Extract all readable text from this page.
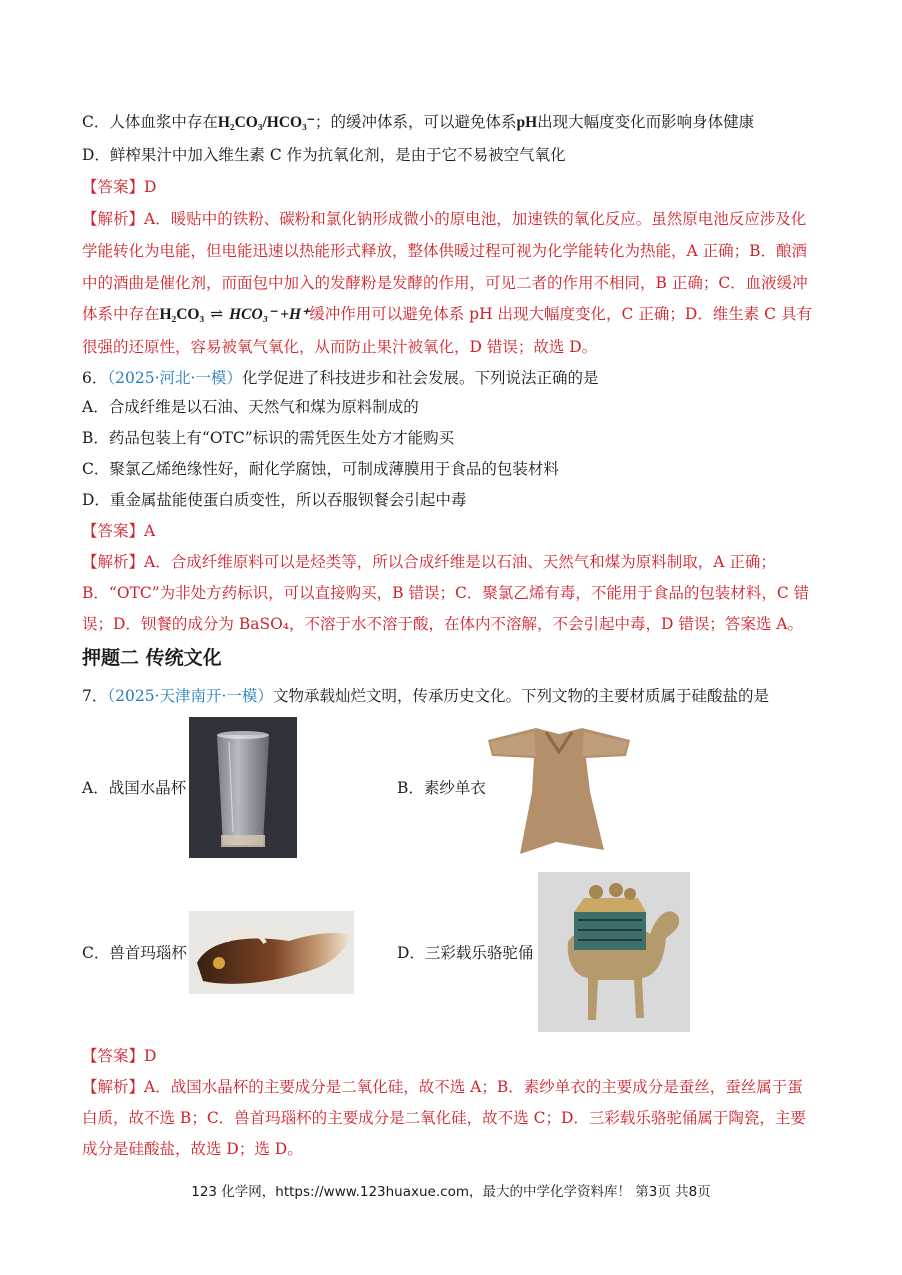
C．人体血浆中存在H₂CO₃/HCO₃⁻；的缓冲体系，可以避免体系pH出现大幅度变化而影响身体健康
D．鲜榨果汁中加入维生素 C 作为抗氧化剂，是由于它不易被空气氧化
【答案】D
【解析】A．暖贴中的铁粉、碳粉和氯化钠形成微小的原电池，加速铁的氧化反应。虽然原电池反应涉及化
学能转化为电能，但电能迅速以热能形式释放，整体供暖过程可视为化学能转化为热能，A 正确；B．酿酒
中的酒曲是催化剂，而面包中加入的发酵粉是发酵的作用，可见二者的作用不相同，B 正确；C．血液缓冲
体系中存在H₂CO₃ ⇌ HCO₃⁻ +H⁺缓冲作用可以避免体系 pH 出现大幅度变化，C 正确；D．维生素 C 具有
很强的还原性，容易被氧气氧化，从而防止果汁被氧化，D 错误；故选 D。
6．（2025·河北·一模）化学促进了科技进步和社会发展。下列说法正确的是
A．合成纤维是以石油、天然气和煤为原料制成的
B．药品包装上有“OTC”标识的需凭医生处方才能购买
C．聚氯乙烯绝缘性好，耐化学腐蚀，可制成薄膜用于食品的包装材料
D．重金属盐能使蛋白质变性，所以吞服钡餐会引起中毒
【答案】A
【解析】A．合成纤维原料可以是烃类等，所以合成纤维是以石油、天然气和煤为原料制取，A 正确；
B．“OTC”为非处方药标识，可以直接购买，B 错误；C．聚氯乙烯有毒，不能用于食品的包装材料，C 错
误；D．钡餐的成分为 BaSO₄，不溶于水不溶于酸，在体内不溶解，不会引起中毒，D 错误；答案选 A。
押题二 传统文化
7．（2025·天津南开·一模）文物承载灿烂文明，传承历史文化。下列文物的主要材质属于硅酸盐的是
A．战国水晶杯	B．素纱单衣
C．兽首玛瑙杯	D．三彩载乐骆驼俑
【答案】D
【解析】A．战国水晶杯的主要成分是二氧化硅，故不选 A；B．素纱单衣的主要成分是蚕丝，蚕丝属于蛋
白质，故不选 B；C．兽首玛瑙杯的主要成分是二氧化硅，故不选 C；D．三彩载乐骆驼俑属于陶瓷，主要
成分是硅酸盐，故选 D；选 D。
123 化学网，https://www.123huaxue.com，最大的中学化学资料库！ 第3页 共8页
